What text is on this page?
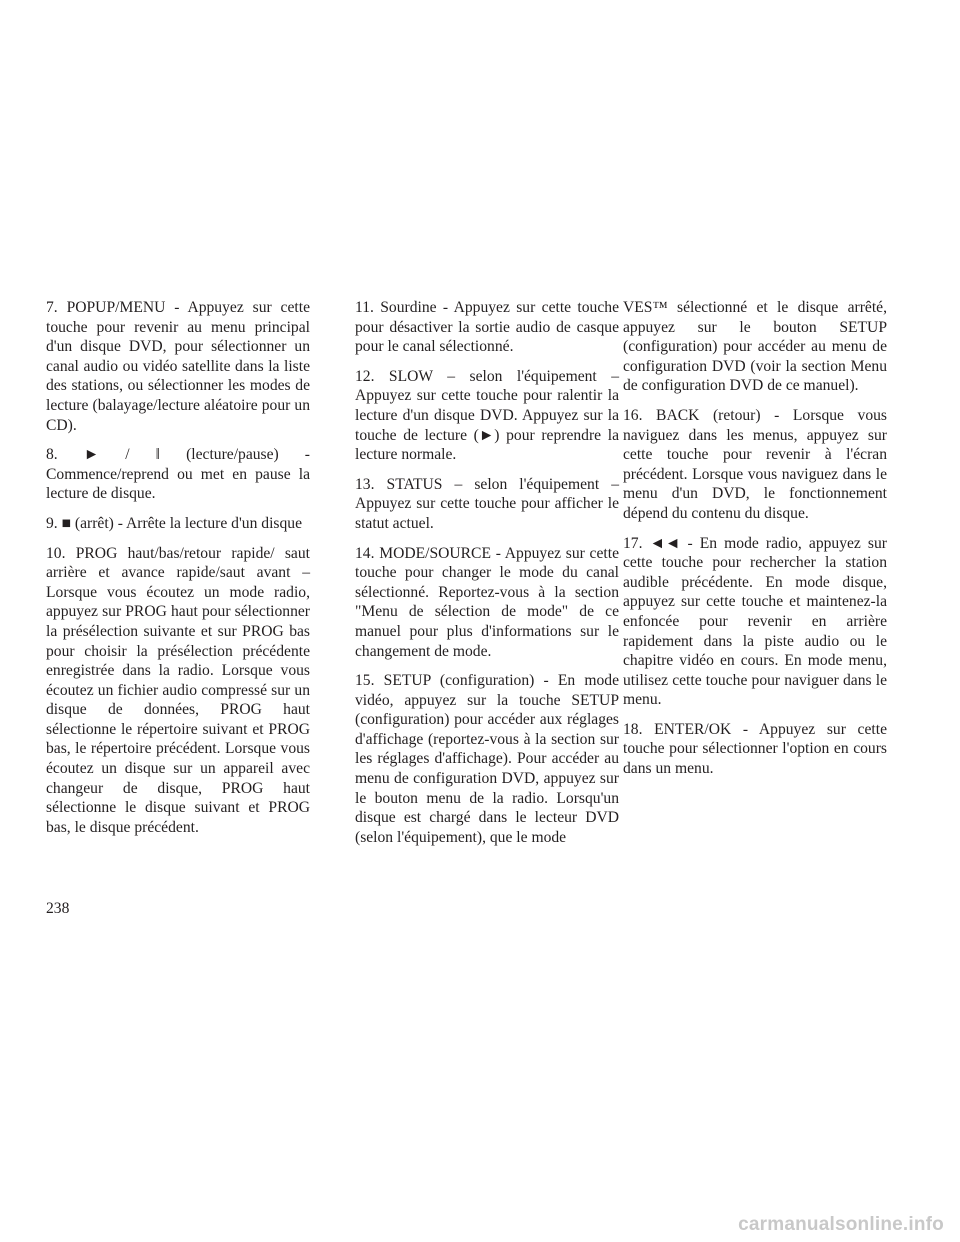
7. POPUP/MENU - Appuyez sur cette touche pour revenir au menu principal d'un disque DVD, pour sélectionner un canal audio ou vidéo satellite dans la liste des stations, ou sélectionner les modes de lecture (balayage/lecture aléatoire pour un CD).

8. ► / ‖ (lecture/pause) - Commence/reprend ou met en pause la lecture de disque.

9. ■ (arrêt) - Arrête la lecture d'un disque

10. PROG haut/bas/retour rapide/ saut arrière et avance rapide/saut avant – Lorsque vous écoutez un mode radio, appuyez sur PROG haut pour sélectionner la présélection suivante et sur PROG bas pour choisir la présélection précédente enregistrée dans la radio. Lorsque vous écoutez un fichier audio compressé sur un disque de données, PROG haut sélectionne le répertoire suivant et PROG bas, le répertoire précédent. Lorsque vous écoutez un disque sur un appareil avec changeur de disque, PROG haut sélectionne le disque suivant et PROG bas, le disque précédent.

11. Sourdine - Appuyez sur cette touche pour désactiver la sortie audio de casque pour le canal sélectionné.

12. SLOW – selon l'équipement – Appuyez sur cette touche pour ralentir la lecture d'un disque DVD. Appuyez sur la touche de lecture (►) pour reprendre la lecture normale.

13. STATUS – selon l'équipement – Appuyez sur cette touche pour afficher le statut actuel.

14. MODE/SOURCE - Appuyez sur cette touche pour changer le mode du canal sélectionné. Reportez-vous à la section "Menu de sélection de mode" de ce manuel pour plus d'informations sur le changement de mode.

15. SETUP (configuration) - En mode vidéo, appuyez sur la touche SETUP (configuration) pour accéder aux réglages d'affichage (reportez-vous à la section sur les réglages d'affichage). Pour accéder au menu de configuration DVD, appuyez sur le bouton menu de la radio. Lorsqu'un disque est chargé dans le lecteur DVD (selon l'équipement), que le mode

VES™ sélectionné et le disque arrêté, appuyez sur le bouton SETUP (configuration) pour accéder au menu de configuration DVD (voir la section Menu de configuration DVD de ce manuel).

16. BACK (retour) - Lorsque vous naviguez dans les menus, appuyez sur cette touche pour revenir à l'écran précédent. Lorsque vous naviguez dans le menu d'un DVD, le fonctionnement dépend du contenu du disque.

17. ◄◄ - En mode radio, appuyez sur cette touche pour rechercher la station audible précédente. En mode disque, appuyez sur cette touche et maintenez-la enfoncée pour revenir en arrière rapidement dans la piste audio ou le chapitre vidéo en cours. En mode menu, utilisez cette touche pour naviguer dans le menu.

18. ENTER/OK - Appuyez sur cette touche pour sélectionner l'option en cours dans un menu.

238
carmanualsonline.info
